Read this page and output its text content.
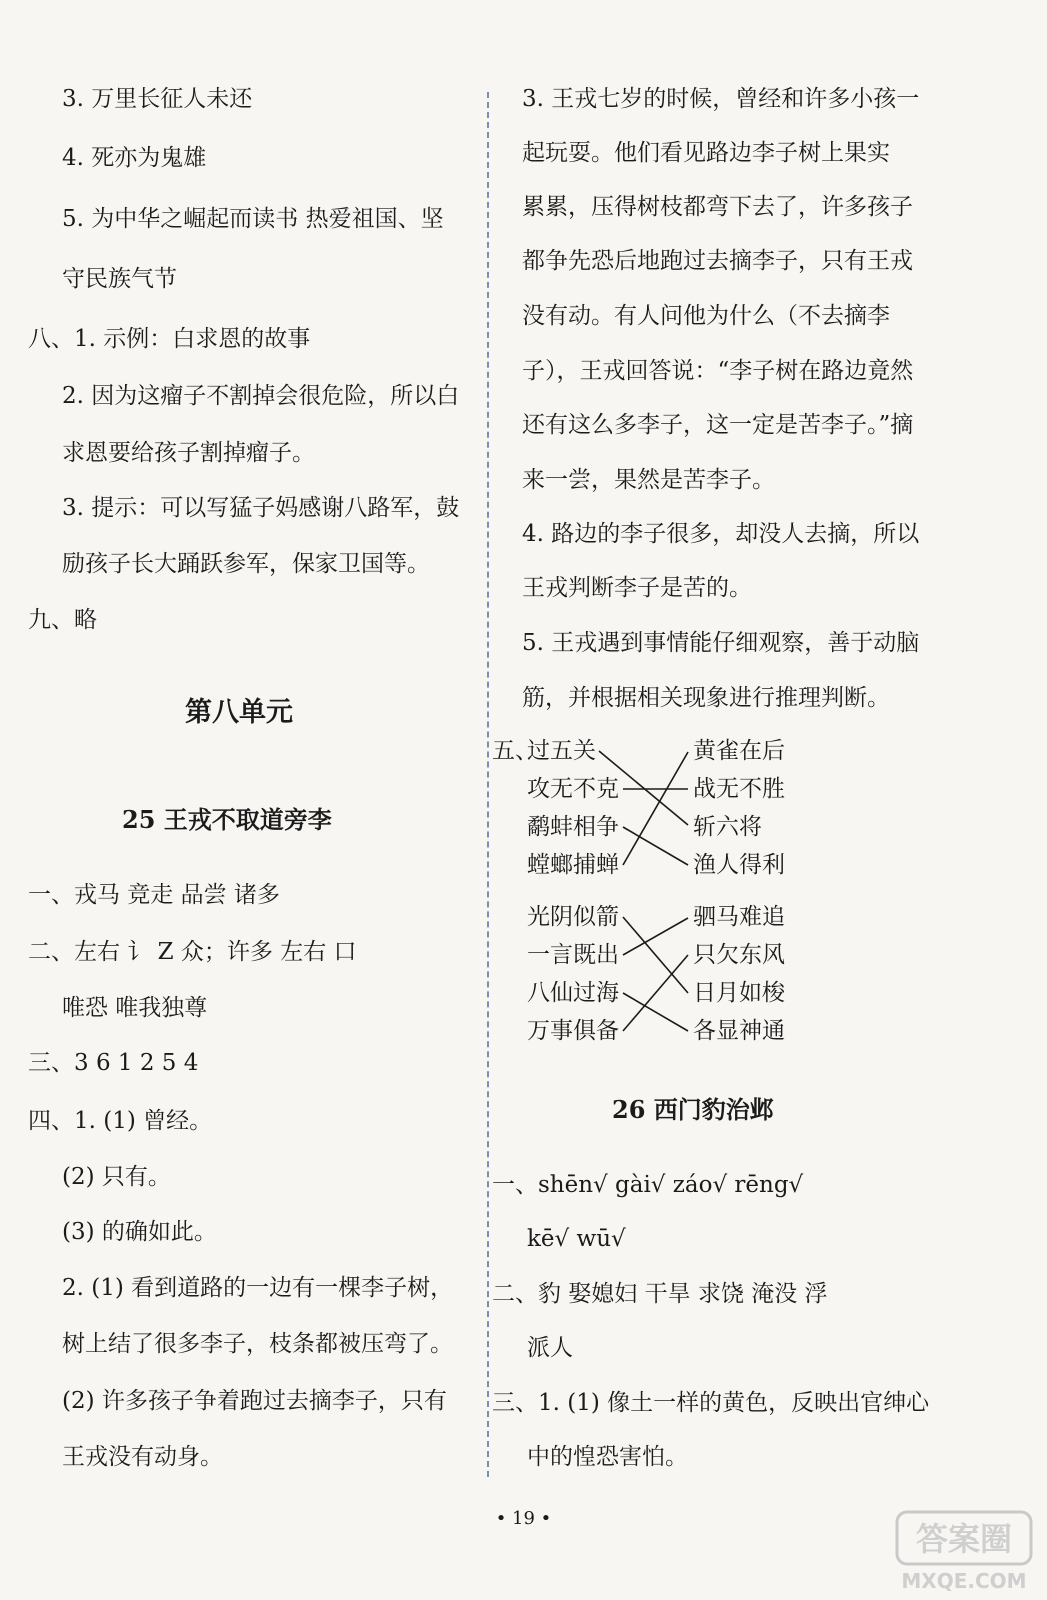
3. 万里长征人未还
4. 死亦为鬼雄
5. 为中华之崛起而读书 热爱祖国、坚
守民族气节
八、1. 示例：白求恩的故事
2. 因为这瘤子不割掉会很危险，所以白
求恩要给孩子割掉瘤子。
3. 提示：可以写猛子妈感谢八路军，鼓
励孩子长大踊跃参军，保家卫国等。
九、略
第八单元
25 王戎不取道旁李
一、戎马 竞走 品尝 诸多
二、左右 讠 Z 众；许多 左右 口
唯恐 唯我独尊
三、3 6 1 2 5 4
四、1. (1) 曾经。
(2) 只有。
(3) 的确如此。
2. (1) 看到道路的一边有一棵李子树，
树上结了很多李子，枝条都被压弯了。
(2) 许多孩子争着跑过去摘李子，只有
王戎没有动身。
3. 王戎七岁的时候，曾经和许多小孩一
起玩耍。他们看见路边李子树上果实
累累，压得树枝都弯下去了，许多孩子
都争先恐后地跑过去摘李子，只有王戎
没有动。有人问他为什么（不去摘李
子），王戎回答说：“李子树在路边竟然
还有这么多李子，这一定是苦李子。”摘
来一尝，果然是苦李子。
4. 路边的李子很多，却没人去摘，所以
王戎判断李子是苦的。
5. 王戎遇到事情能仔细观察，善于动脑
筋，并根据相关现象进行推理判断。
五、
过五关
攻无不克
鹬蚌相争
螳螂捕蝉
黄雀在后
战无不胜
斩六将
渔人得利
光阴似箭
一言既出
八仙过海
万事俱备
驷马难追
只欠东风
日月如梭
各显神通
26 西门豹治邺
一、shēn√ gài√ záo√ rēng√
kē√ wū√
二、豹 娶媳妇 干旱 求饶 淹没 浮
派人
三、1. (1) 像土一样的黄色，反映出官绅心
中的惶恐害怕。
• 19 •
答案圈
MXQE.COM
